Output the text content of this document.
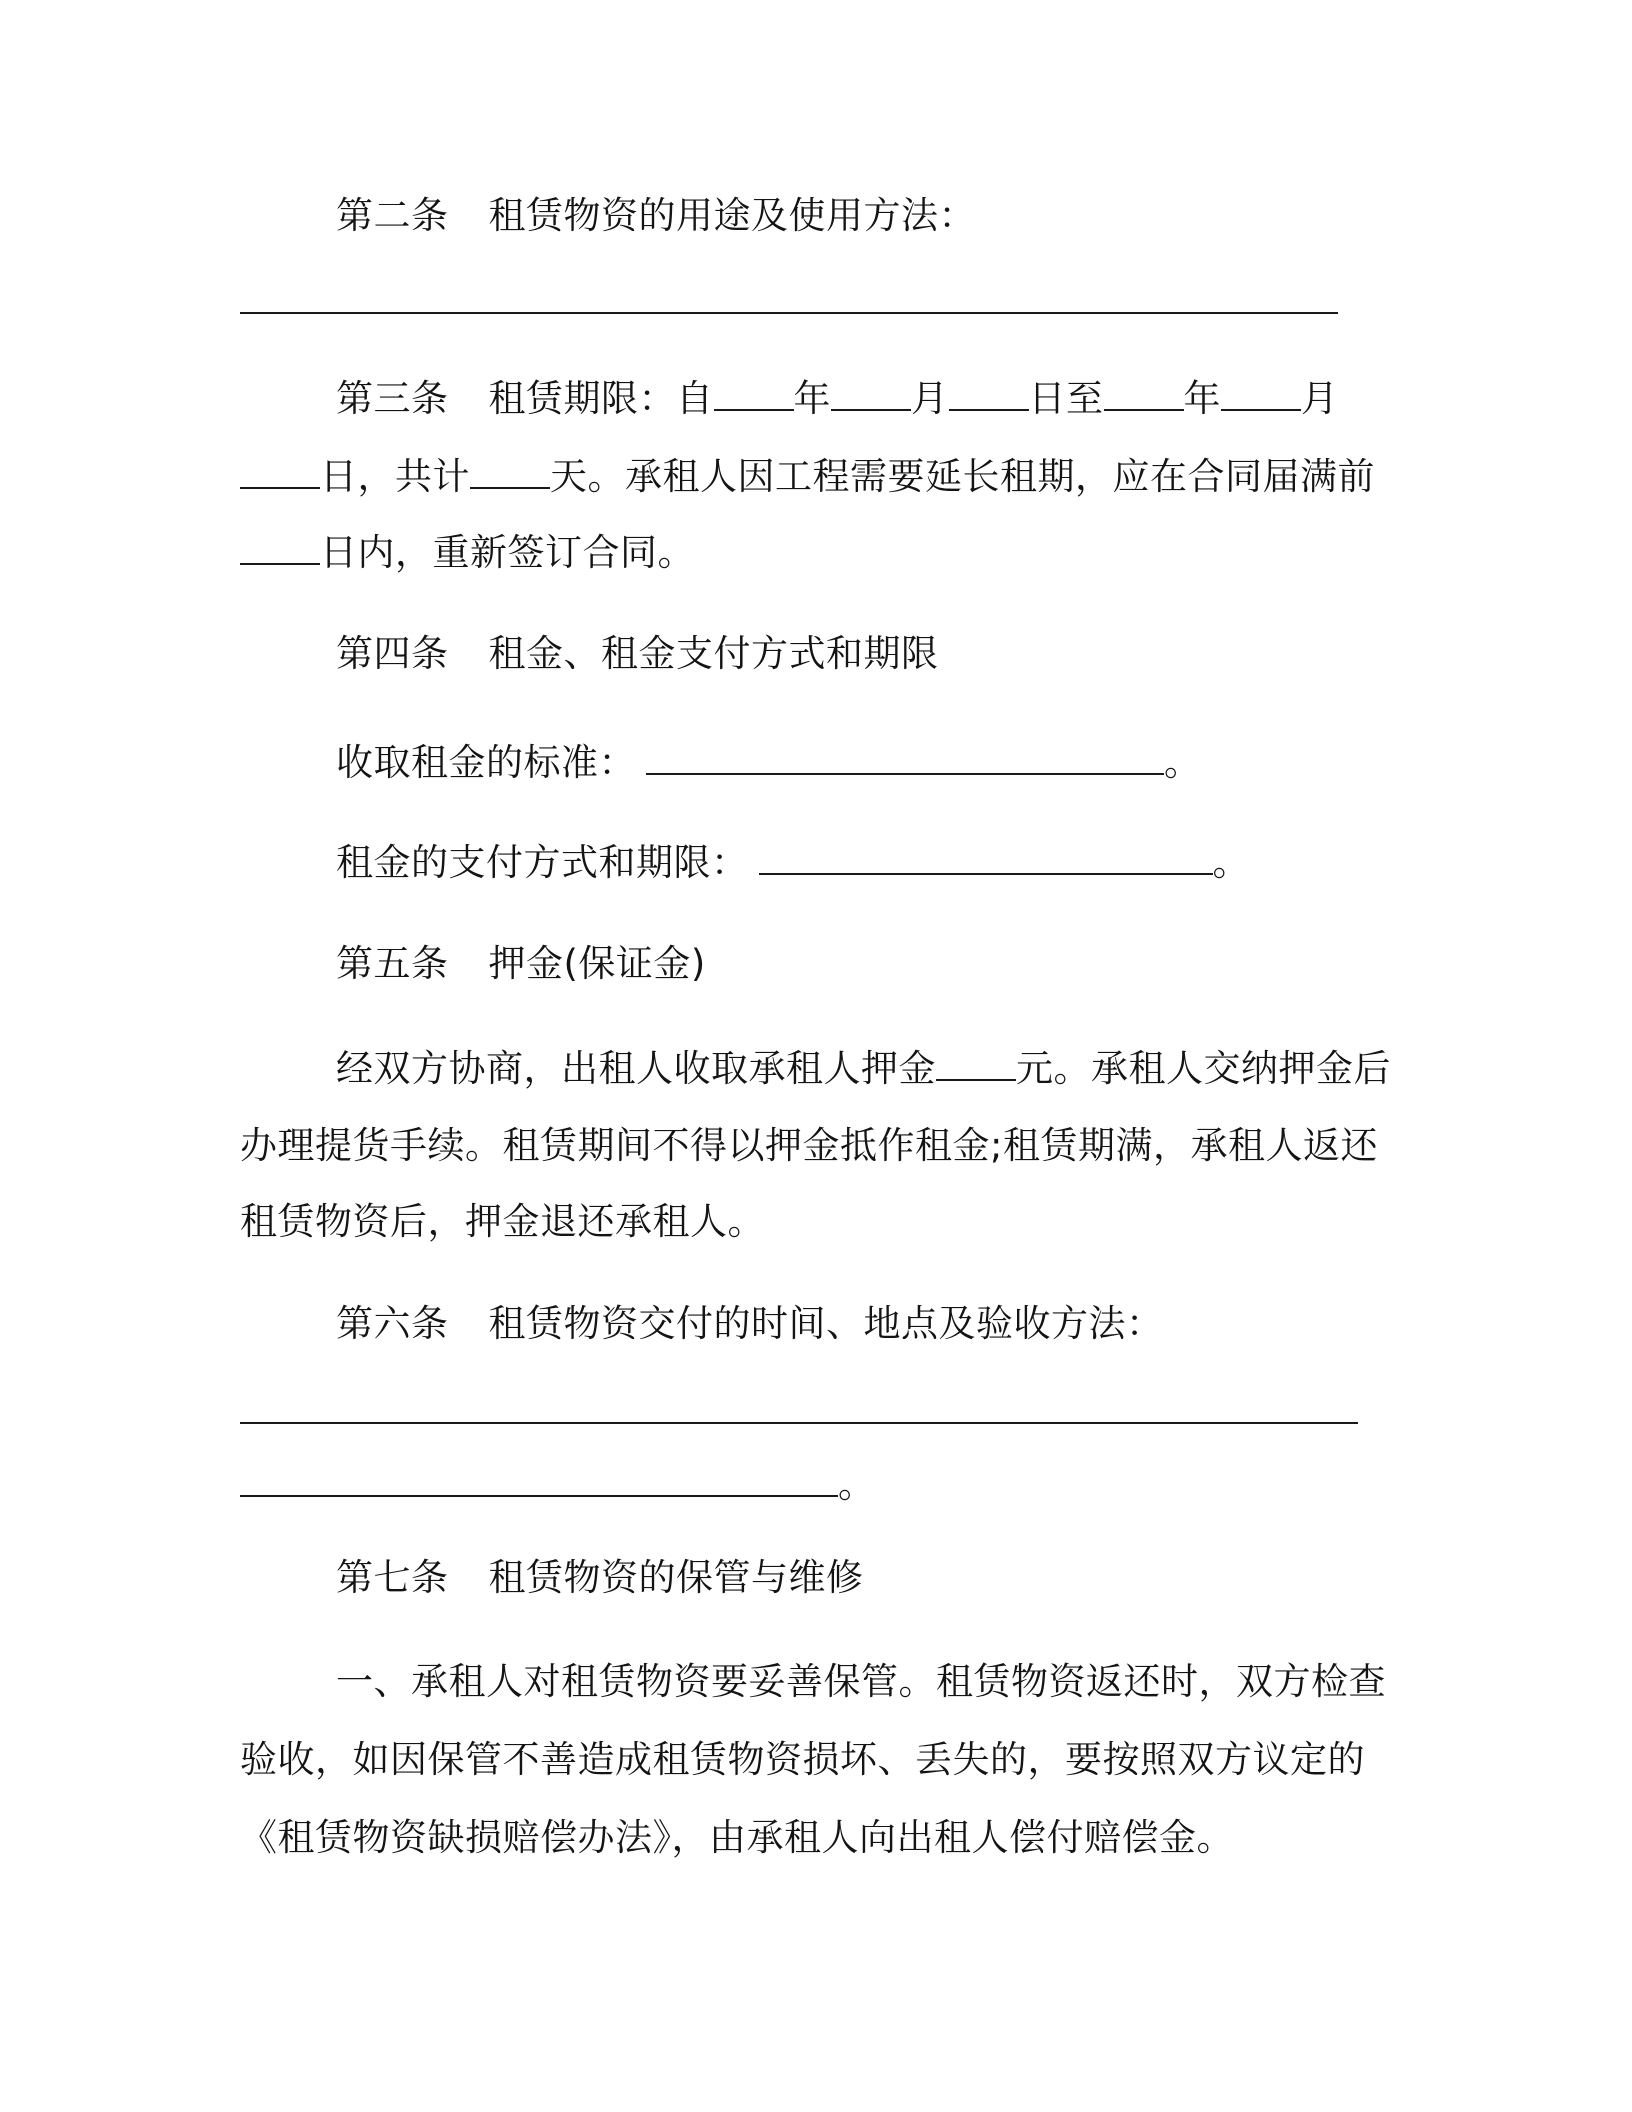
第二条 租赁物资的用途及使用方法：
第三条 租赁期限：自 年 月 日至 年 月
日，共计 天。承租人因工程需要延长租期，应在合同届满前
日内，重新签订合同。
第四条 租金、租金支付方式和期限
收取租金的标准：	。
租金的支付方式和期限：	。
第五条 押金(保证金)
经双方协商，出租人收取承租人押金 元。承租人交纳押金后
办理提货手续。租赁期间不得以押金抵作租金;租赁期满，承租人返还
租赁物资后，押金退还承租人。
第六条 租赁物资交付的时间、地点及验收方法：
。
第七条 租赁物资的保管与维修
一、承租人对租赁物资要妥善保管。租赁物资返还时，双方检查
验收，如因保管不善造成租赁物资损坏、丢失的，要按照双方议定的
《租赁物资缺损赔偿办法》，由承租人向出租人偿付赔偿金。
